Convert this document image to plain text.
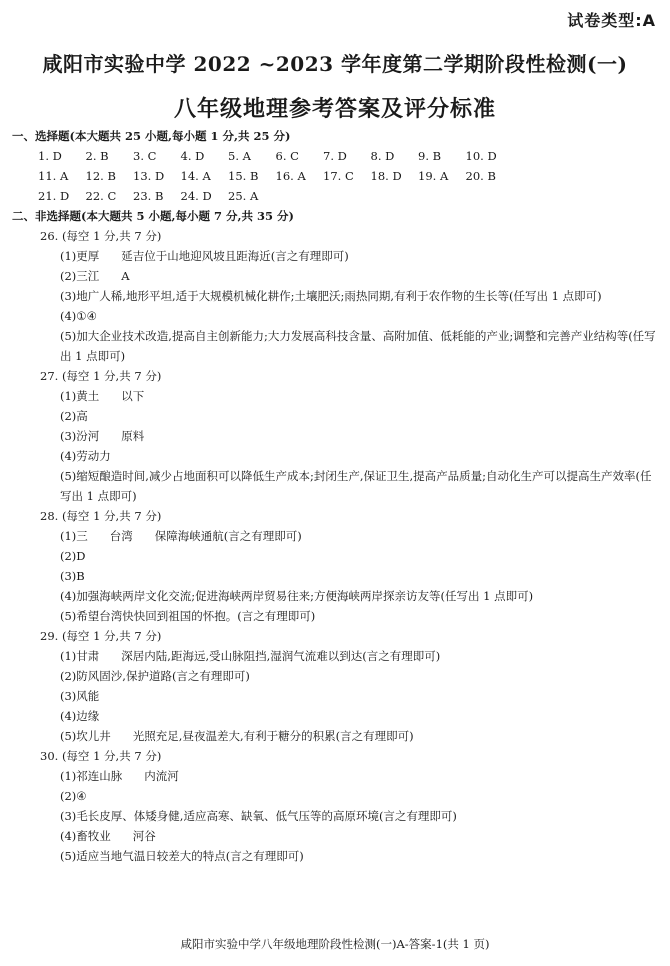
试卷类型:A
咸阳市实验中学 2022 ~2023 学年度第二学期阶段性检测(一)
八年级地理参考答案及评分标准
一、选择题(本大题共 25 小题,每小题 1 分,共 25 分)
1. D	2. B	3. C	4. D	5. A	6. C	7. D	8. D	9. B	10. D
11. A	12. B	13. D	14. A	15. B	16. A	17. C	18. D	19. A	20. B
21. D	22. C	23. B	24. D	25. A
二、非选择题(本大题共 5 小题,每小题 7 分,共 35 分)
26. (每空 1 分,共 7 分)
(1)更厚 延吉位于山地迎风坡且距海近(言之有理即可)
(2)三江 A
(3)地广人稀,地形平坦,适于大规模机械化耕作;土壤肥沃;雨热同期,有利于农作物的生长等(任写出 1 点即可)
(4)①④
(5)加大企业技术改造,提高自主创新能力;大力发展高科技含量、高附加值、低耗能的产业;调整和完善产业结构等(任写出 1 点即可)
27. (每空 1 分,共 7 分)
(1)黄土 以下
(2)高
(3)汾河 原料
(4)劳动力
(5)缩短酿造时间,减少占地面积可以降低生产成本;封闭生产,保证卫生,提高产品质量;自动化生产可以提高生产效率(任写出 1 点即可)
28. (每空 1 分,共 7 分)
(1)三 台湾 保障海峡通航(言之有理即可)
(2)D
(3)B
(4)加强海峡两岸文化交流;促进海峡两岸贸易往来;方便海峡两岸探亲访友等(任写出 1 点即可)
(5)希望台湾快快回到祖国的怀抱。(言之有理即可)
29. (每空 1 分,共 7 分)
(1)甘肃 深居内陆,距海远,受山脉阻挡,湿润气流难以到达(言之有理即可)
(2)防风固沙,保护道路(言之有理即可)
(3)风能
(4)边缘
(5)坎儿井 光照充足,昼夜温差大,有利于糖分的积累(言之有理即可)
30. (每空 1 分,共 7 分)
(1)祁连山脉 内流河
(2)④
(3)毛长皮厚、体矮身健,适应高寒、缺氧、低气压等的高原环境(言之有理即可)
(4)畜牧业 河谷
(5)适应当地气温日较差大的特点(言之有理即可)
咸阳市实验中学八年级地理阶段性检测(一)A-答案-1(共 1 页)
